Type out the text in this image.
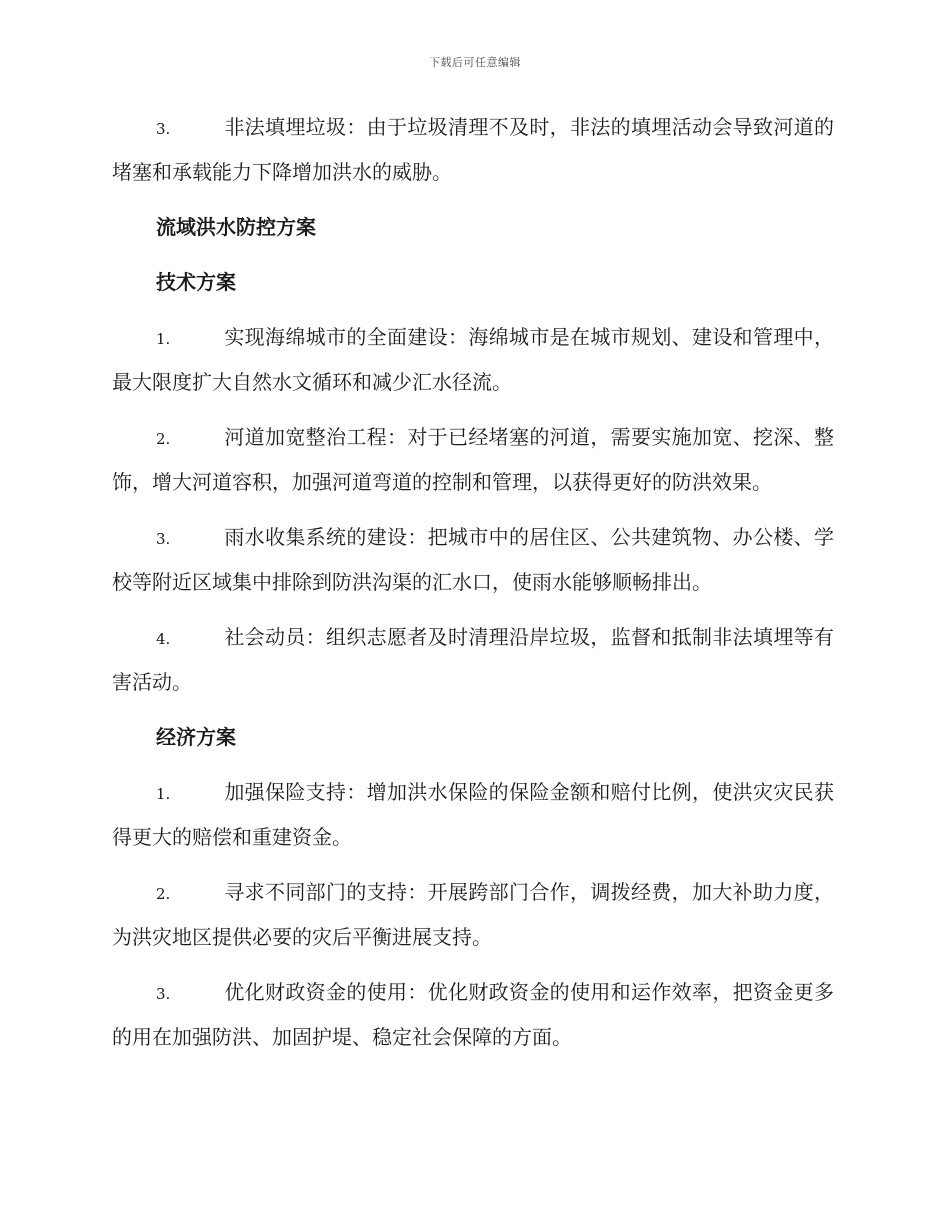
下载后可任意编辑

3.	非法填埋垃圾：由于垃圾清理不及时，非法的填埋活动会导致河道的堵塞和承载能力下降增加洪水的威胁。

流域洪水防控方案

技术方案

1.	实现海绵城市的全面建设：海绵城市是在城市规划、建设和管理中，最大限度扩大自然水文循环和减少汇水径流。

2.	河道加宽整治工程：对于已经堵塞的河道，需要实施加宽、挖深、整饰，增大河道容积，加强河道弯道的控制和管理，以获得更好的防洪效果。

3.	雨水收集系统的建设：把城市中的居住区、公共建筑物、办公楼、学校等附近区域集中排除到防洪沟渠的汇水口，使雨水能够顺畅排出。

4.	社会动员：组织志愿者及时清理沿岸垃圾，监督和抵制非法填埋等有害活动。

经济方案

1.	加强保险支持：增加洪水保险的保险金额和赔付比例，使洪灾灾民获得更大的赔偿和重建资金。

2.	寻求不同部门的支持：开展跨部门合作，调拨经费，加大补助力度，为洪灾地区提供必要的灾后平衡进展支持。

3.	优化财政资金的使用：优化财政资金的使用和运作效率，把资金更多的用在加强防洪、加固护堤、稳定社会保障的方面。
